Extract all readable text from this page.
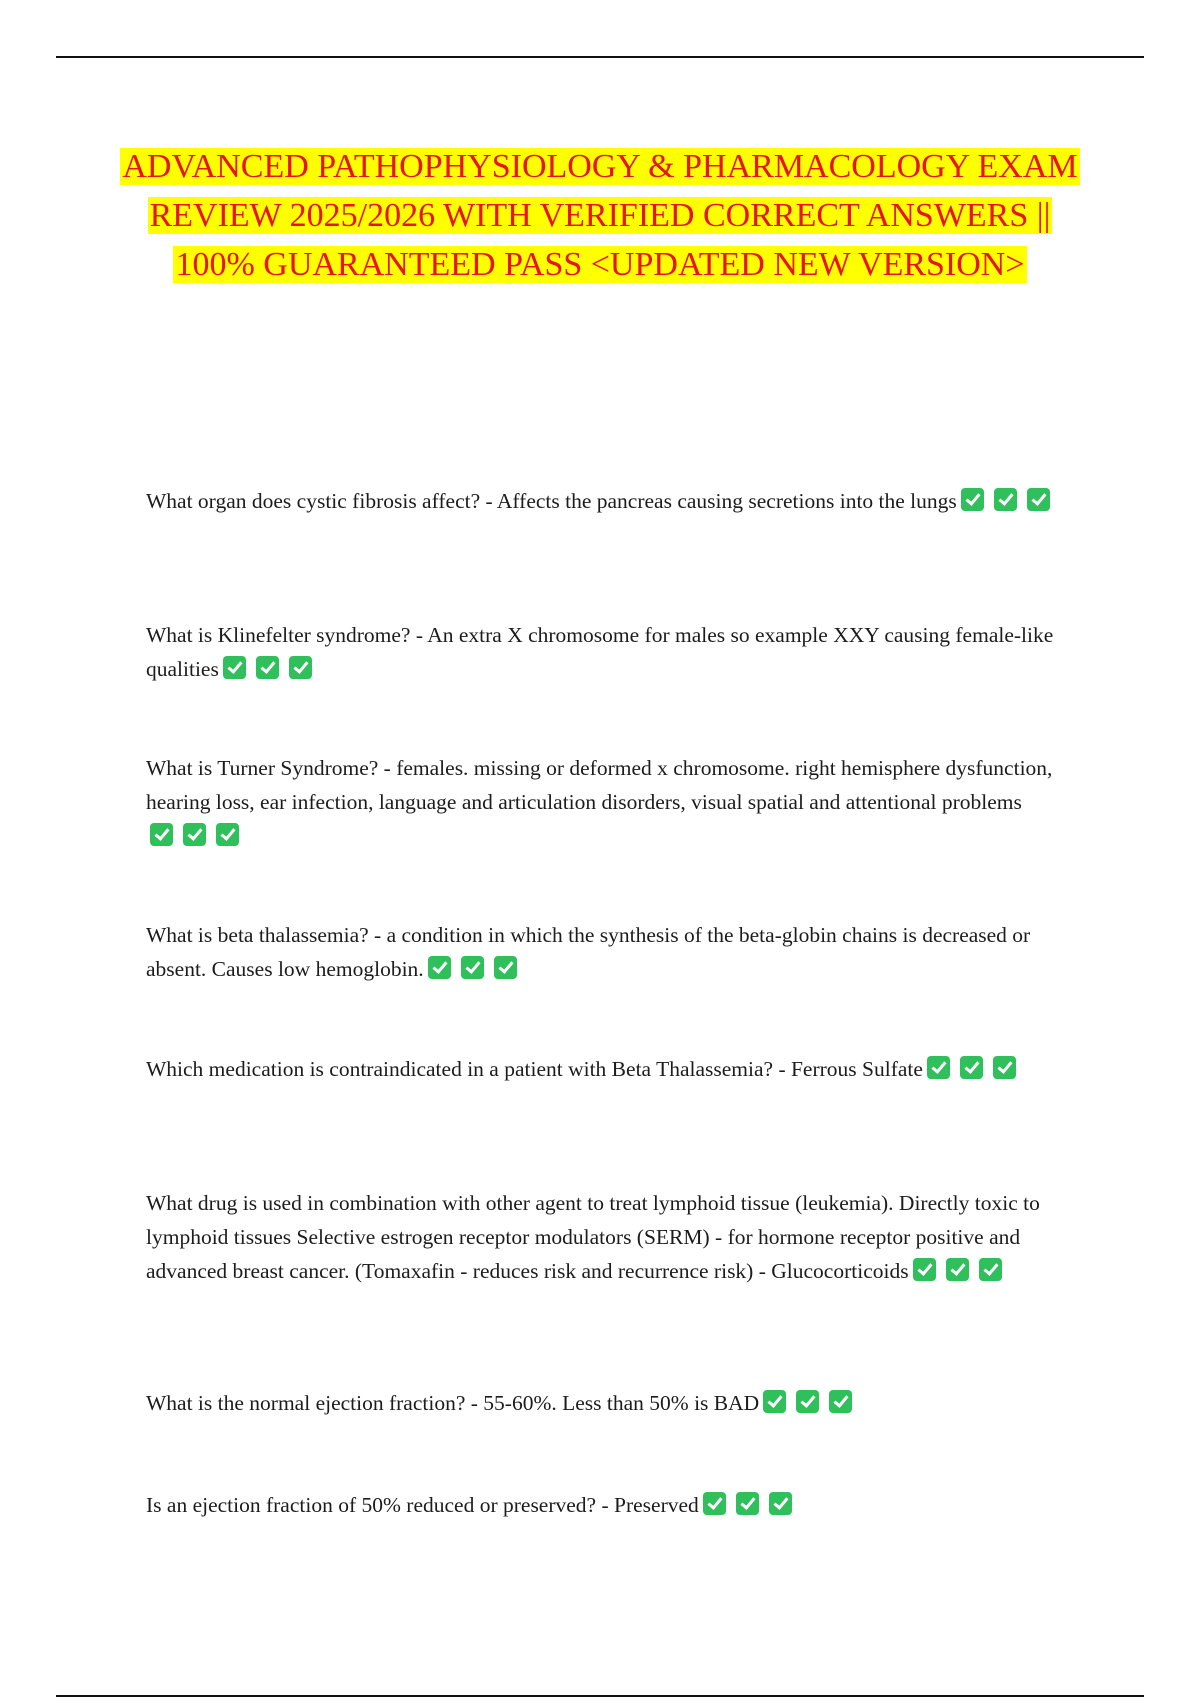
ADVANCED PATHOPHYSIOLOGY & PHARMACOLOGY EXAM REVIEW 2025/2026 WITH VERIFIED CORRECT ANSWERS || 100% GUARANTEED PASS <UPDATED NEW VERSION>
What organ does cystic fibrosis affect? - Affects the pancreas causing secretions into the lungs
What is Klinefelter syndrome? - An extra X chromosome for males so example XXY causing female-like qualities
What is Turner Syndrome? - females. missing or deformed x chromosome. right hemisphere dysfunction, hearing loss, ear infection, language and articulation disorders, visual spatial and attentional problems
What is beta thalassemia? - a condition in which the synthesis of the beta-globin chains is decreased or absent. Causes low hemoglobin.
Which medication is contraindicated in a patient with Beta Thalassemia? - Ferrous Sulfate
What drug is used in combination with other agent to treat lymphoid tissue (leukemia). Directly toxic to lymphoid tissues Selective estrogen receptor modulators (SERM) - for hormone receptor positive and advanced breast cancer. (Tomaxafin - reduces risk and recurrence risk) - Glucocorticoids
What is the normal ejection fraction? - 55-60%. Less than 50% is BAD
Is an ejection fraction of 50% reduced or preserved? - Preserved
